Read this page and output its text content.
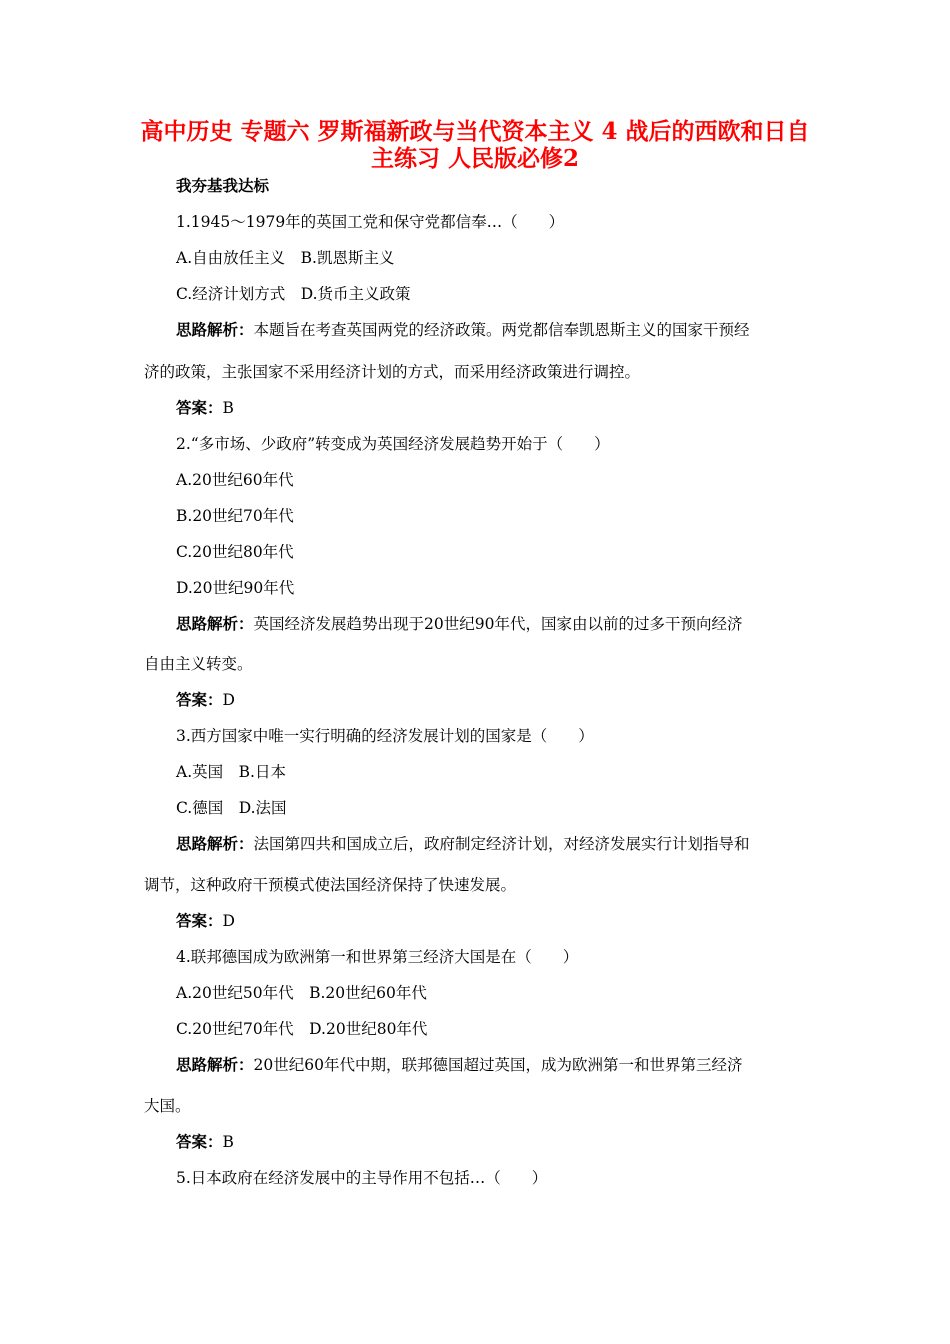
高中历史 专题六 罗斯福新政与当代资本主义 4 战后的西欧和日自
主练习 人民版必修2
我夯基我达标
1.1945～1979年的英国工党和保守党都信奉…（　　）
A.自由放任主义　B.凯恩斯主义
C.经济计划方式　D.货币主义政策
思路解析：本题旨在考查英国两党的经济政策。两党都信奉凯恩斯主义的国家干预经
济的政策，主张国家不采用经济计划的方式，而采用经济政策进行调控。
答案：B
2.“多市场、少政府”转变成为英国经济发展趋势开始于（　　）
A.20世纪60年代
B.20世纪70年代
C.20世纪80年代
D.20世纪90年代
思路解析：英国经济发展趋势出现于20世纪90年代，国家由以前的过多干预向经济
自由主义转变。
答案：D
3.西方国家中唯一实行明确的经济发展计划的国家是（　　）
A.英国　B.日本
C.德国　D.法国
思路解析：法国第四共和国成立后，政府制定经济计划，对经济发展实行计划指导和
调节，这种政府干预模式使法国经济保持了快速发展。
答案：D
4.联邦德国成为欧洲第一和世界第三经济大国是在（　　）
A.20世纪50年代　B.20世纪60年代
C.20世纪70年代　D.20世纪80年代
思路解析：20世纪60年代中期，联邦德国超过英国，成为欧洲第一和世界第三经济
大国。
答案：B
5.日本政府在经济发展中的主导作用不包括…（　　）
